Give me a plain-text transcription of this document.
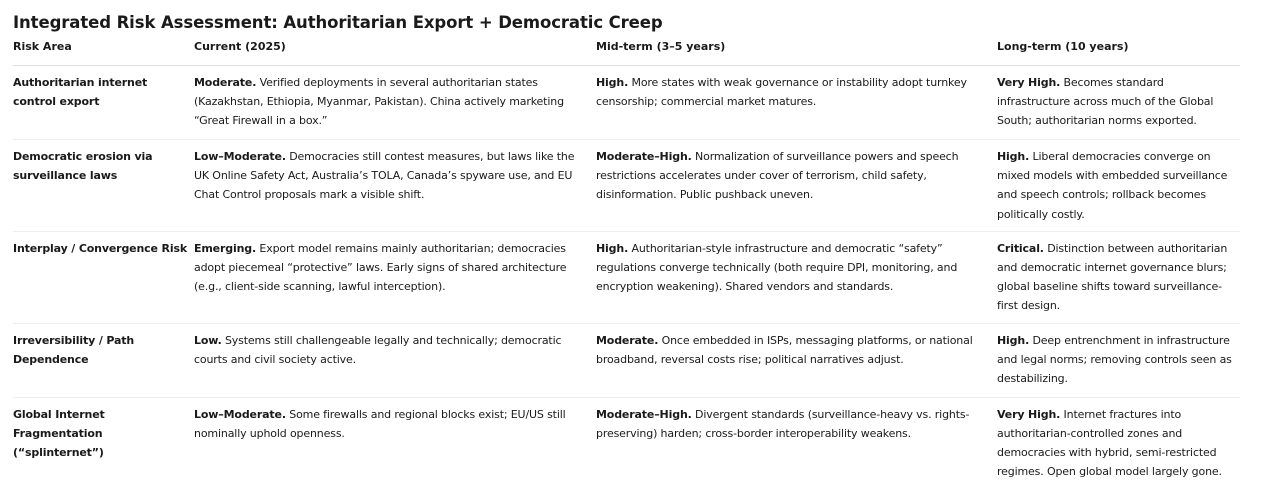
Integrated Risk Assessment: Authoritarian Export + Democratic Creep
Risk Area	Current (2025)	Mid-term (3–5 years)	Long-term (10 years)
Authoritarian internet control export	Moderate. Verified deployments in several authoritarian states (Kazakhstan, Ethiopia, Myanmar, Pakistan). China actively marketing “Great Firewall in a box.”	High. More states with weak governance or instability adopt turnkey censorship; commercial market matures.	Very High. Becomes standard infrastructure across much of the Global South; authoritarian norms exported.
Democratic erosion via surveillance laws	Low–Moderate. Democracies still contest measures, but laws like the UK Online Safety Act, Australia’s TOLA, Canada’s spyware use, and EU Chat Control proposals mark a visible shift.	Moderate–High. Normalization of surveillance powers and speech restrictions accelerates under cover of terrorism, child safety, disinformation. Public pushback uneven.	High. Liberal democracies converge on mixed models with embedded surveillance and speech controls; rollback becomes politically costly.
Interplay / Convergence Risk	Emerging. Export model remains mainly authoritarian; democracies adopt piecemeal “protective” laws. Early signs of shared architecture (e.g., client-side scanning, lawful interception).	High. Authoritarian-style infrastructure and democratic “safety” regulations converge technically (both require DPI, monitoring, and encryption weakening). Shared vendors and standards.	Critical. Distinction between authoritarian and democratic internet governance blurs; global baseline shifts toward surveillance-first design.
Irreversibility / Path Dependence	Low. Systems still challengeable legally and technically; democratic courts and civil society active.	Moderate. Once embedded in ISPs, messaging platforms, or national broadband, reversal costs rise; political narratives adjust.	High. Deep entrenchment in infrastructure and legal norms; removing controls seen as destabilizing.
Global Internet Fragmentation (“splinternet”)	Low–Moderate. Some firewalls and regional blocks exist; EU/US still nominally uphold openness.	Moderate–High. Divergent standards (surveillance-heavy vs. rights-preserving) harden; cross-border interoperability weakens.	Very High. Internet fractures into authoritarian-controlled zones and democracies with hybrid, semi-restricted regimes. Open global model largely gone.
